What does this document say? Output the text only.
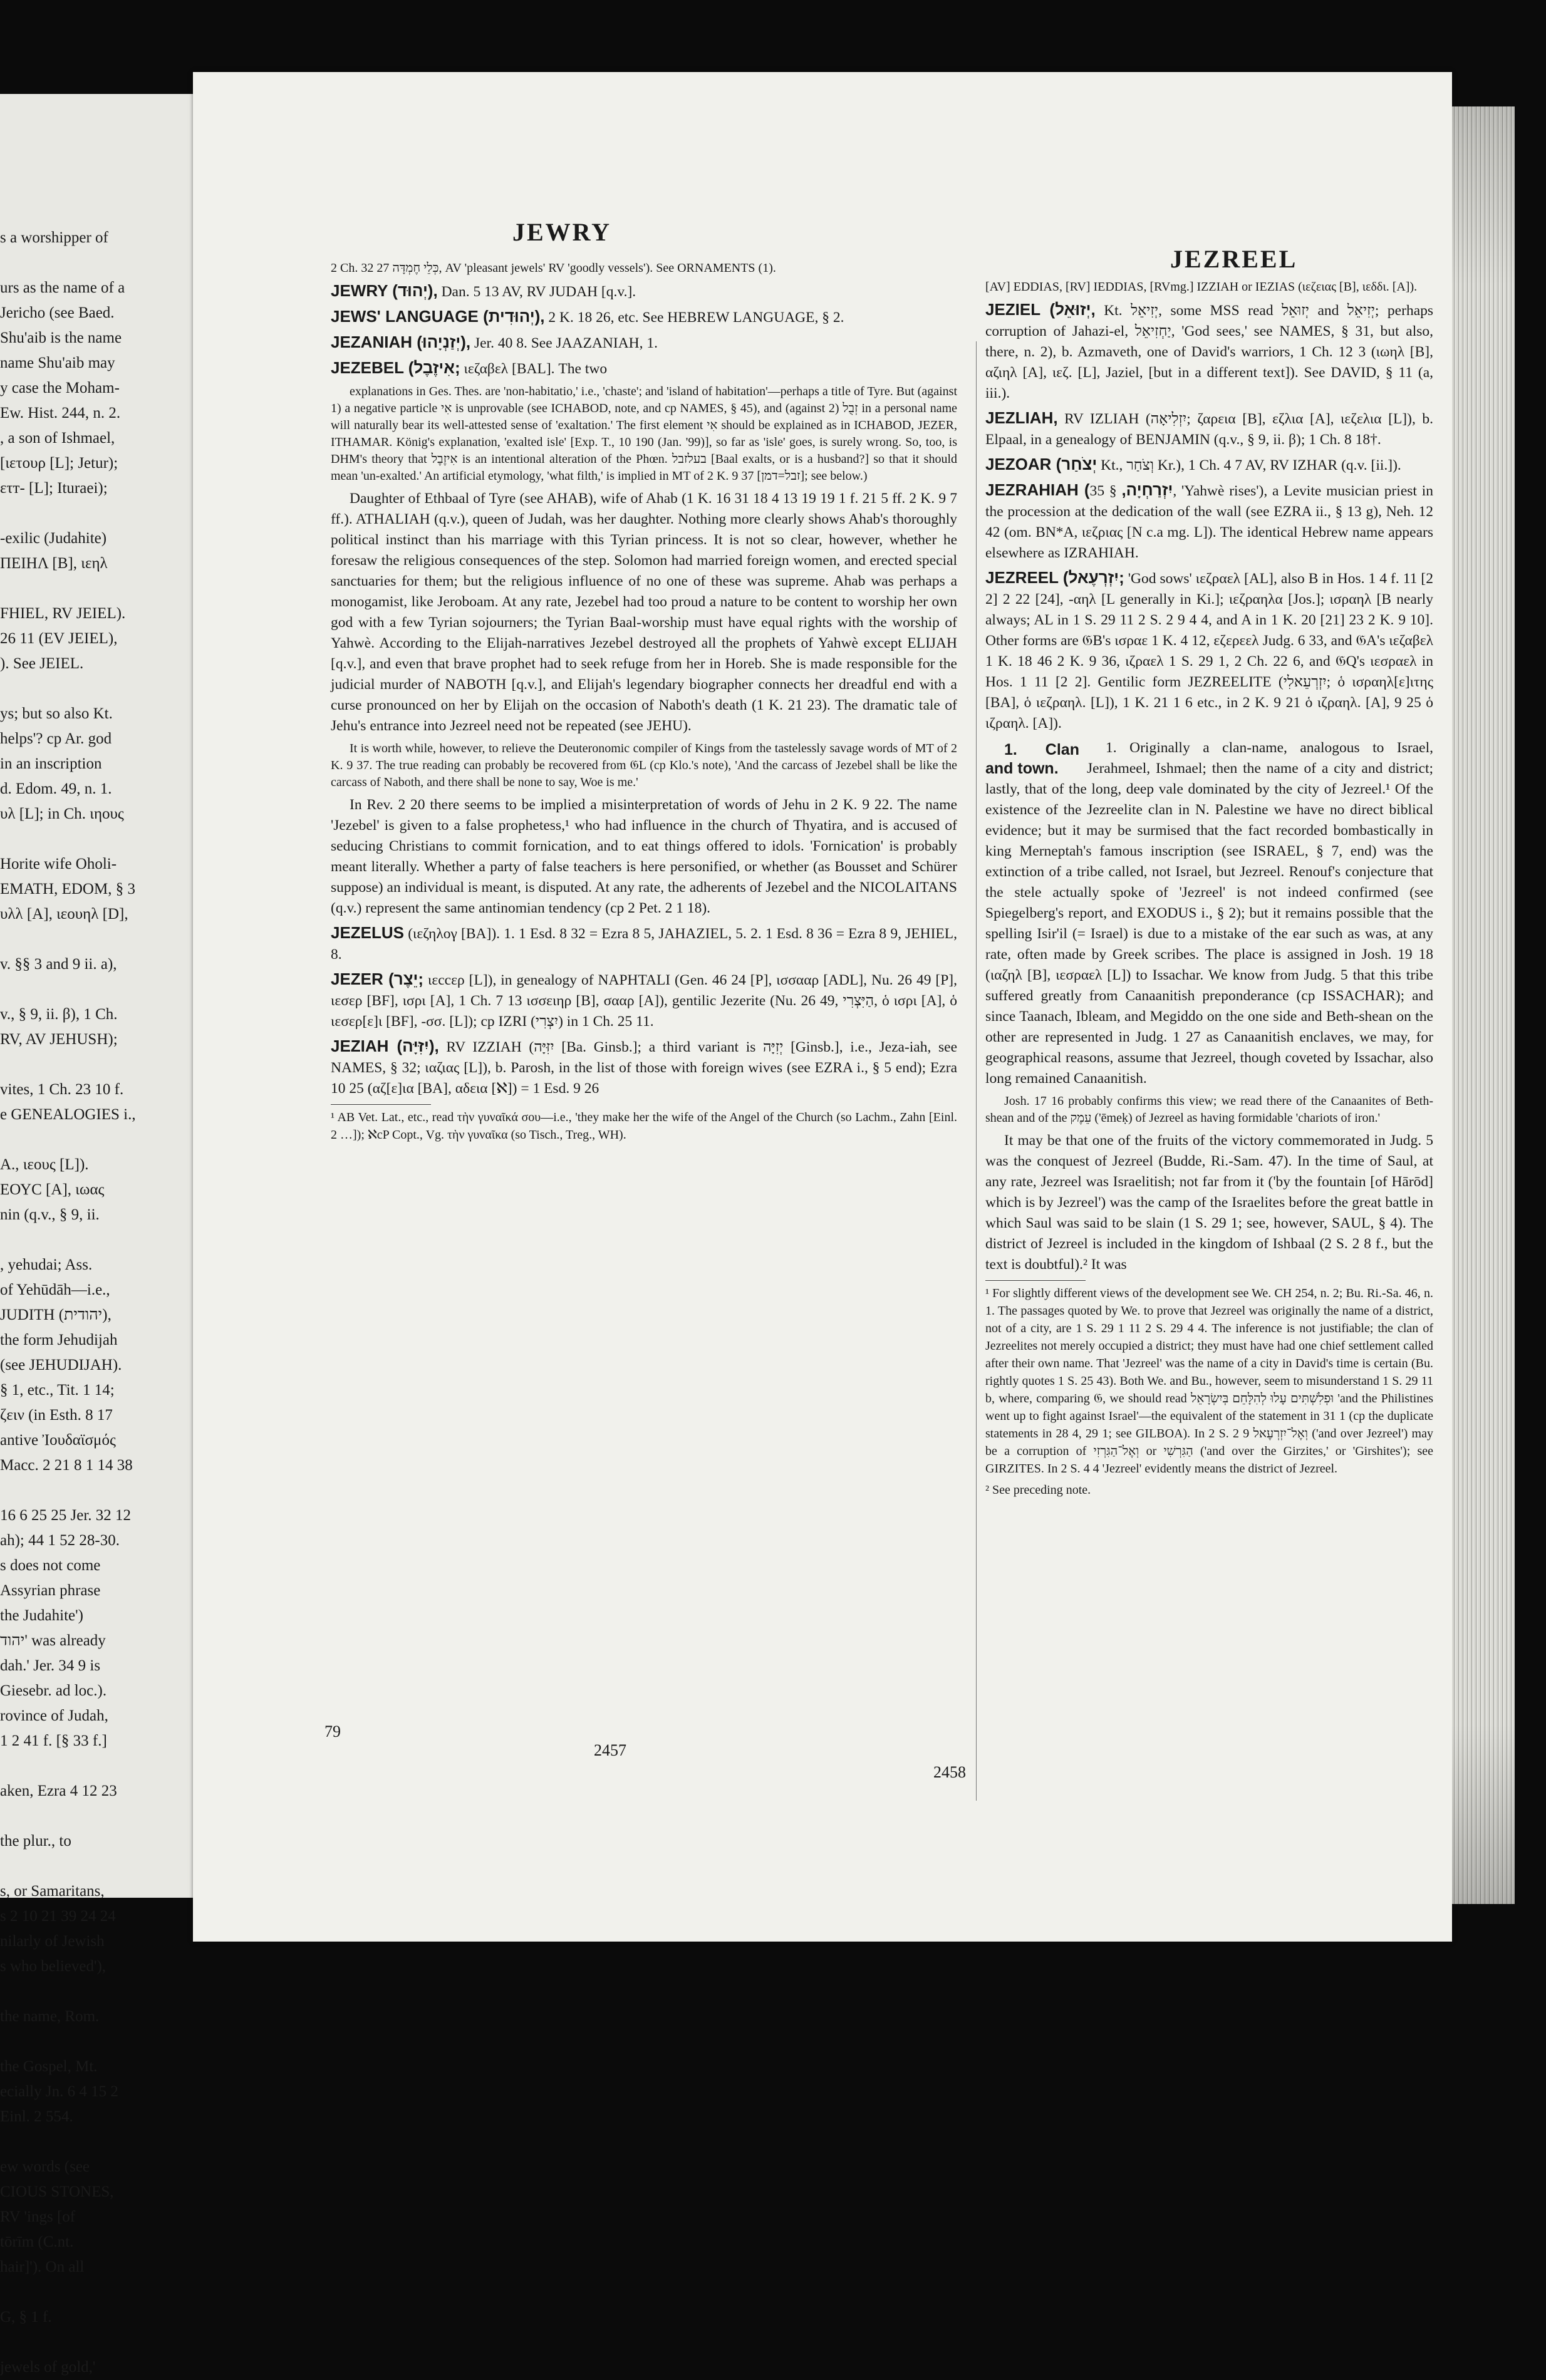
s a worshipper of

urs as the name of a
Jericho (see Baed.
Shu'aib is the name
name Shu'aib may
y case the Moham-
Ew. Hist. 244, n. 2.
, a son of Ishmael,
[ιετουρ [L]; Jetur);
ετт- [L]; Ituraei);

-exilic (Judahite)
ΠΕΙΗΛ [B], ιεηλ

FHIEL, RV JEIEL).
26 11 (EV JEIEL),
). See JEIEL.

ys; but so also Kt.
helps'? cp Ar. god
in an inscription
d. Edom. 49, n. 1.
υλ [L]; in Ch. ιηους

Horite wife Oholi-
EMATH, EDOM, § 3
υλλ [A], ιεουηλ [D],

v. §§ 3 and 9 ii. a),

v., § 9, ii. β), 1 Ch.
RV, AV JEHUSH);

vites, 1 Ch. 23 10 f.
e GENEALOGIES i.,

A., ιεους [L]).
ΕΟΥC [A], ιωας
nin (q.v., § 9, ii.

, yehudai; Ass.
of Yehūdāh—i.e.,
JUDITH (יהודית),
the form Jehudijah
(see JEHUDIJAH).
§ 1, etc., Tit. 1 14;
ζειν (in Esth. 8 17
antive Ἰουδαϊσμός
Macc. 2 21 8 1 14 38

16 6 25 25 Jer. 32 12
ah); 44 1 52 28-30.
s does not come
Assyrian phrase
the Judahite')
יהוד' was already
dah.' Jer. 34 9 is
Giesebr. ad loc.).
rovince of Judah,
1 2 41 f. [§ 33 f.]

aken, Ezra 4 12 23

the plur., to

s, or Samaritans,
s 2 10 21 39 24 24
nilarly of Jewish
s who believed'),

the name, Rom.

the Gospel, Mt.
ecially Jn. 6 4 15 2
Einl. 2 554.

ew words (see
CIOUS STONES,
RV 'ings [of
tōrīm (C.nt.
hair]'). On all

G, § 1 f.

jewels of gold,'
JEWRY
JEZREEL

2 Ch. 32 27 כְּלֵי חֶמְדָּה, AV 'pleasant jewels' RV 'goodly vessels'). See ORNAMENTS (1).

JEWRY (יְהוּד), Dan. 5 13 AV, RV JUDAH [q.v.].

JEWS' LANGUAGE (יְהוּדִית), 2 K. 18 26, etc. See HEBREW LANGUAGE, § 2.

JEZANIAH (יְזַנְיָהוּ), Jer. 40 8. See JAAZANIAH, 1.

JEZEBEL (אִיזֶבֶל; ιεζαβελ [BAL]. The two

explanations in Ges. Thes. are 'non-habitatio,' i.e., 'chaste'; and 'island of habitation'—perhaps a title of Tyre. But (against 1) a negative particle אִי is unprovable (see ICHABOD, note, and cp NAMES, § 45), and (against 2) זְבֻל in a personal name will naturally bear its well-attested sense of 'exaltation.' The first element אִי should be explained as in ICHABOD, JEZER, ITHAMAR. König's explanation, 'exalted isle' [Exp. T., 10 190 (Jan. '99)], so far as 'isle' goes, is surely wrong. So, too, is DHM's theory that אִיזֶבֶל is an intentional alteration of the Phœn. בעלזבל [Baal exalts, or is a husband?] so that it should mean 'un-exalted.' An artificial etymology, 'what filth,' is implied in MT of 2 K. 9 37 [זבל=דמן]; see below.)

Daughter of Ethbaal of Tyre (see AHAB), wife of Ahab (1 K. 16 31 18 4 13 19 19 1 f. 21 5 ff. 2 K. 9 7 ff.). ATHALIAH (q.v.), queen of Judah, was her daughter. Nothing more clearly shows Ahab's thoroughly political instinct than his marriage with this Tyrian princess. It is not so clear, however, whether he foresaw the religious consequences of the step. Solomon had married foreign women, and erected special sanctuaries for them; but the religious influence of no one of these was supreme. Ahab was perhaps a monogamist, like Jeroboam. At any rate, Jezebel had too proud a nature to be content to worship her own god with a few Tyrian sojourners; the Tyrian Baal-worship must have equal rights with the worship of Yahwè. According to the Elijah-narratives Jezebel destroyed all the prophets of Yahwè except ELIJAH [q.v.], and even that brave prophet had to seek refuge from her in Horeb. She is made responsible for the judicial murder of NABOTH [q.v.], and Elijah's legendary biographer connects her dreadful end with a curse pronounced on her by Elijah on the occasion of Naboth's death (1 K. 21 23). The dramatic tale of Jehu's entrance into Jezreel need not be repeated (see JEHU).

It is worth while, however, to relieve the Deuteronomic compiler of Kings from the tastelessly savage words of MT of 2 K. 9 37. The true reading can probably be recovered from 𝔊L (cp Klo.'s note), 'And the carcass of Jezebel shall be like the carcass of Naboth, and there shall be none to say, Woe is me.'

In Rev. 2 20 there seems to be implied a misinterpretation of words of Jehu in 2 K. 9 22. The name 'Jezebel' is given to a false prophetess,¹ who had influence in the church of Thyatira, and is accused of seducing Christians to commit fornication, and to eat things offered to idols. 'Fornication' is probably meant literally. Whether a party of false teachers is here personified, or whether (as Bousset and Schürer suppose) an individual is meant, is disputed. At any rate, the adherents of Jezebel and the NICOLAITANS (q.v.) represent the same antinomian tendency (cp 2 Pet. 2 1 18).

JEZELUS (ιεζηλογ [BA]). 1. 1 Esd. 8 32 = Ezra 8 5, JAHAZIEL, 5. 2. 1 Esd. 8 36 = Ezra 8 9, JEHIEL, 8.

JEZER (יֵצֶר; ιεccερ [L]), in genealogy of NAPHTALI (Gen. 46 24 [P], ισσααρ [ADL], Nu. 26 49 [P], ιεσερ [BF], ισρι [A], 1 Ch. 7 13 ισσειηρ [B], σααρ [A]), gentilic Jezerite (Nu. 26 49, הַיִּצְרִי, ὁ ισρι [A], ὁ ιεσερ[ε]ι [BF], -σσ. [L]); cp IZRI (יִצְרִי) in 1 Ch. 25 11.

JEZIAH (יִזִּיָּה), RV IZZIAH (יִזִּיָּה [Ba. Ginsb.]; a third variant is יְזִיָּה [Ginsb.], i.e., Jeza-iah, see NAMES, § 32; ιαζιας [L]), b. Parosh, in the list of those with foreign wives (see EZRA i., § 5 end); Ezra 10 25 (αζ[ε]ια [BA], αδεια [ℵ]) = 1 Esd. 9 26

¹ AB Vet. Lat., etc., read τὴν γυναῖκά σου—i.e., 'they make her the wife of the Angel of the Church (so Lachm., Zahn [Einl. 2 …]); ℵcP Copt., Vg. τὴν γυναῖκα (so Tisch., Treg., WH).

79
2457

[AV] EDDIAS, [RV] IEDDIAS, [RVmg.] IZZIAH or IEZIAS (ιεζειας [B], ιεδδι. [A]).

JEZIEL (יְזוּאֵל, Kt. יְזִיאֵל, some MSS read יְזוּאֵל and יְזִיאֵל; perhaps corruption of Jahazi-el, יַחְזִיאֵל, 'God sees,' see NAMES, § 31, but also, there, n. 2), b. Azmaveth, one of David's warriors, 1 Ch. 12 3 (ιωηλ [B], αζιηλ [A], ιεζ. [L], Jaziel, [but in a different text]). See DAVID, § 11 (a, iii.).

JEZLIAH, RV IZLIAH (יִזְלִיאָה; ζαρεια [B], εζλια [A], ιεζελια [L]), b. Elpaal, in a genealogy of BENJAMIN (q.v., § 9, ii. β); 1 Ch. 8 18†.

JEZOAR (יְצֹחַר Kt., וְצֹחַר Kr.), 1 Ch. 4 7 AV, RV IZHAR (q.v. [ii.]).

JEZRAHIAH (יִזְרַחְיָה, § 35, 'Yahwè rises'), a Levite musician priest in the procession at the dedication of the wall (see EZRA ii., § 13 g), Neh. 12 42 (om. BN*A, ιεζριας [N c.a mg. L]). The identical Hebrew name appears elsewhere as IZRAHIAH.

JEZREEL (יִזְרְעֶאל; 'God sows' ιεζραελ [AL], also B in Hos. 1 4 f. 11 [2 2] 2 22 [24], -αηλ [L generally in Ki.]; ιεζραηλα [Jos.]; ισραηλ [B nearly always; AL in 1 S. 29 11 2 S. 2 9 4 4, and A in 1 K. 20 [21] 23 2 K. 9 10]. Other forms are 𝔊B's ισραε 1 K. 4 12, εζερεελ Judg. 6 33, and 𝔊A's ιεζαβελ 1 K. 18 46 2 K. 9 36, ιζραελ 1 S. 29 1, 2 Ch. 22 6, and 𝔊Q's ιεσραελ in Hos. 1 11 [2 2]. Gentilic form JEZREELITE (יִזְרְעֵאלִי; ὁ ισραηλ[ε]ιτης [BA], ὁ ιεζραηλ. [L]), 1 K. 21 1 6 etc., in 2 K. 9 21 ὁ ιζραηλ. [A], 9 25 ὁ ιζραηλ. [A]).

1. Clan and town.
1. Originally a clan-name, analogous to Israel, Jerahmeel, Ishmael; then the name of a city and district; lastly, that of the long, deep vale dominated by the city of Jezreel.¹ Of the existence of the Jezreelite clan in N. Palestine we have no direct biblical evidence; but it may be surmised that the fact recorded bombastically in king Merneptah's famous inscription (see ISRAEL, § 7, end) was the extinction of a tribe called, not Israel, but Jezreel. Renouf's conjecture that the stele actually spoke of 'Jezreel' is not indeed confirmed (see Spiegelberg's report, and EXODUS i., § 2); but it remains possible that the spelling Isir'il (= Israel) is due to a mistake of the ear such as was, at any rate, often made by Greek scribes. The place is assigned in Josh. 19 18 (ιαζηλ [B], ιεσραελ [L]) to Issachar. We know from Judg. 5 that this tribe suffered greatly from Canaanitish preponderance (cp ISSACHAR); and since Taanach, Ibleam, and Megiddo on the one side and Beth-shean on the other are represented in Judg. 1 27 as Canaanitish enclaves, we may, for geographical reasons, assume that Jezreel, though coveted by Issachar, also long remained Canaanitish.

Josh. 17 16 probably confirms this view; we read there of the Canaanites of Beth-shean and of the עֵמֶק ('ēmeḳ) of Jezreel as having formidable 'chariots of iron.'

It may be that one of the fruits of the victory commemorated in Judg. 5 was the conquest of Jezreel (Budde, Ri.-Sam. 47). In the time of Saul, at any rate, Jezreel was Israelitish; not far from it ('by the fountain [of Hārōd] which is by Jezreel') was the camp of the Israelites before the great battle in which Saul was said to be slain (1 S. 29 1; see, however, SAUL, § 4). The district of Jezreel is included in the kingdom of Ishbaal (2 S. 2 8 f., but the text is doubtful).² It was

¹ For slightly different views of the development see We. CH 254, n. 2; Bu. Ri.-Sa. 46, n. 1. The passages quoted by We. to prove that Jezreel was originally the name of a district, not of a city, are 1 S. 29 1 11 2 S. 29 4 4. The inference is not justifiable; the clan of Jezreelites not merely occupied a district; they must have had one chief settlement called after their own name. That 'Jezreel' was the name of a city in David's time is certain (Bu. rightly quotes 1 S. 25 43). Both We. and Bu., however, seem to misunderstand 1 S. 29 11 b, where, comparing 𝔊, we should read וּפְלִשְׁתִּים עָלוּ לְהִלָּחֵם בְּיִשְׂרָאֵל 'and the Philistines went up to fight against Israel'—the equivalent of the statement in 31 1 (cp the duplicate statements in 28 4, 29 1; see GILBOA). In 2 S. 2 9 וְאֶל־יִזְרְעֶאל ('and over Jezreel') may be a corruption of וְאֶל־הַגִּרְזִי or הַגִּרְשִׁי ('and over the Girzites,' or 'Girshites'); see GIRZITES. In 2 S. 4 4 'Jezreel' evidently means the district of Jezreel.

² See preceding note.

2458
